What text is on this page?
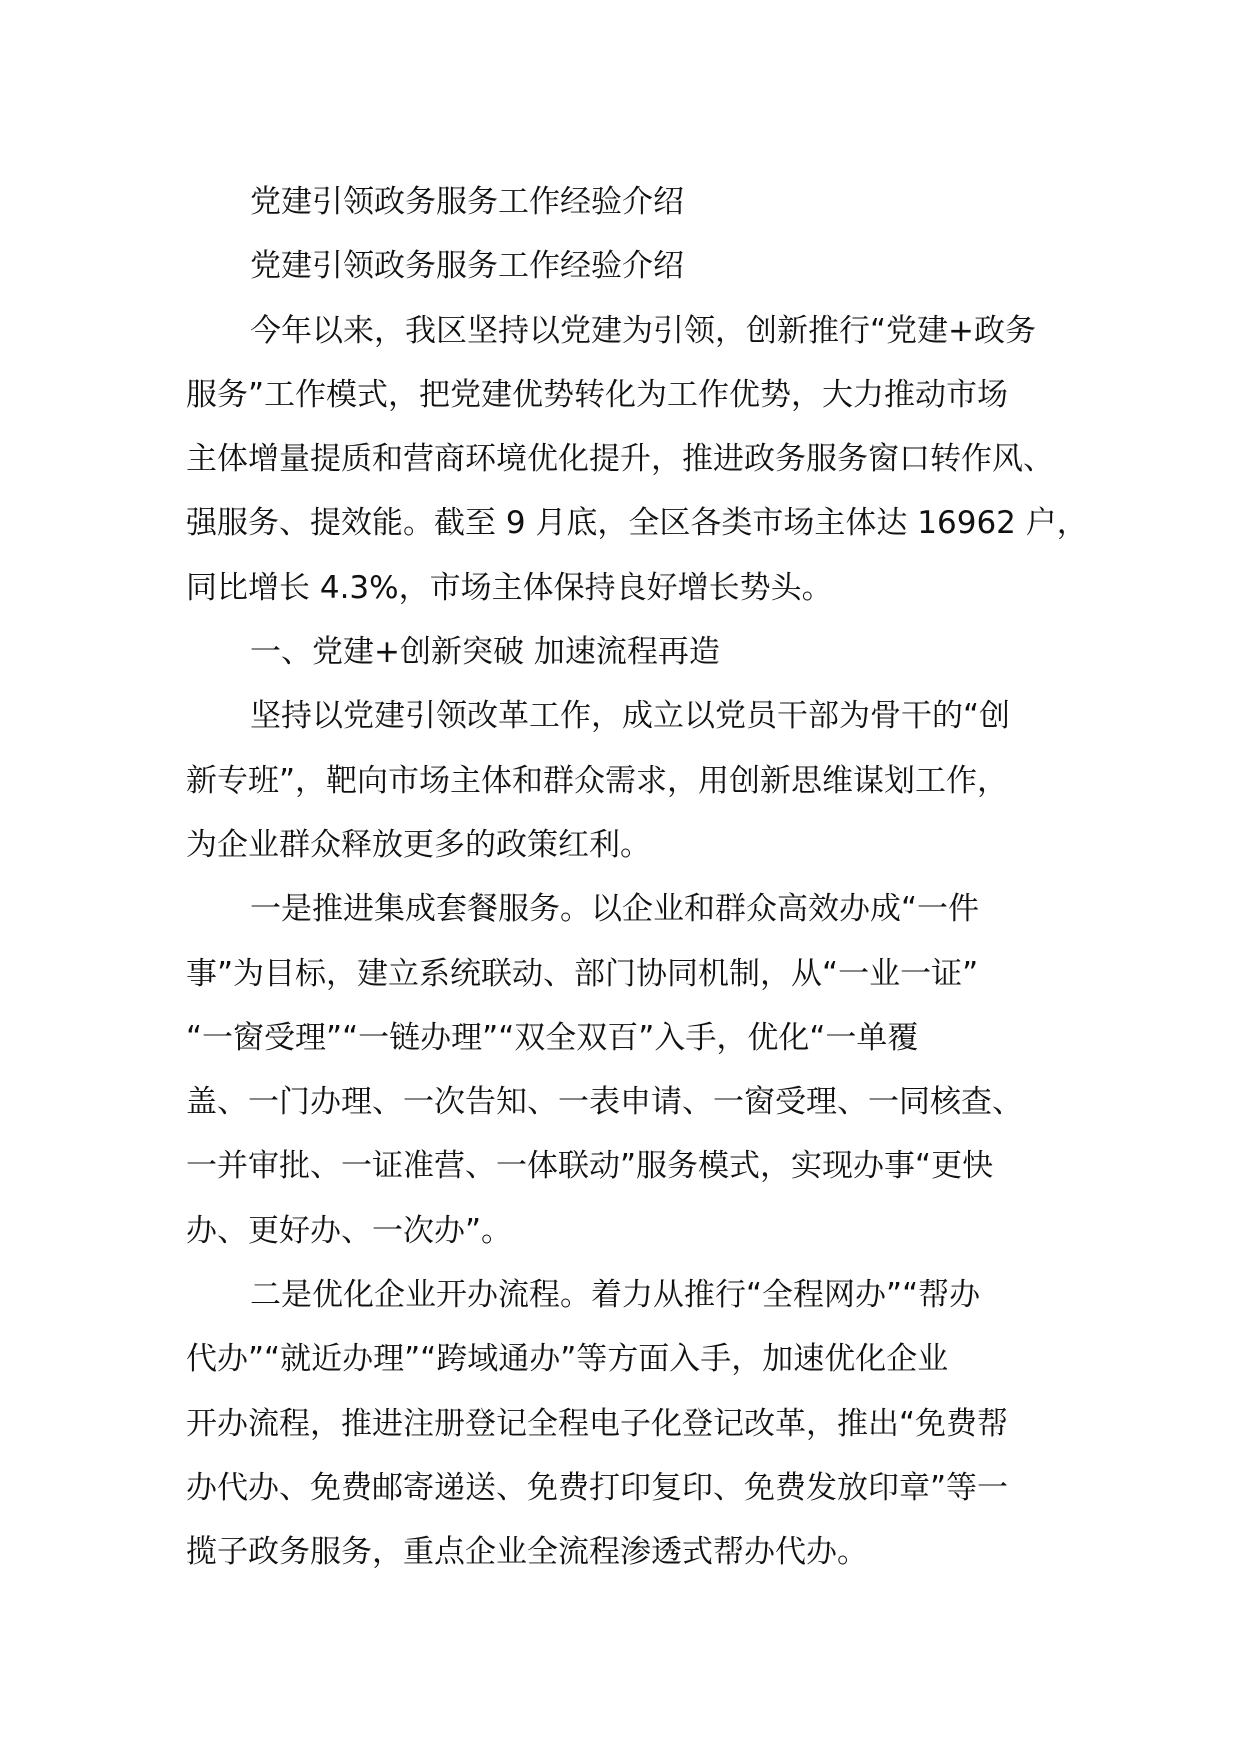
党建引领政务服务工作经验介绍
党建引领政务服务工作经验介绍
今年以来，我区坚持以党建为引领，创新推行“党建+政务
服务”工作模式，把党建优势转化为工作优势，大力推动市场
主体增量提质和营商环境优化提升，推进政务服务窗口转作风、
强服务、提效能。截至 9 月底，全区各类市场主体达 16962 户，
同比增长 4.3%，市场主体保持良好增长势头。
一、党建+创新突破 加速流程再造
坚持以党建引领改革工作，成立以党员干部为骨干的“创
新专班”，靶向市场主体和群众需求，用创新思维谋划工作，
为企业群众释放更多的政策红利。
一是推进集成套餐服务。以企业和群众高效办成“一件
事”为目标，建立系统联动、部门协同机制，从“一业一证”
“一窗受理”“一链办理”“双全双百”入手，优化“一单覆
盖、一门办理、一次告知、一表申请、一窗受理、一同核查、
一并审批、一证准营、一体联动”服务模式，实现办事“更快
办、更好办、一次办”。
二是优化企业开办流程。着力从推行“全程网办”“帮办
代办”“就近办理”“跨域通办”等方面入手，加速优化企业
开办流程，推进注册登记全程电子化登记改革，推出“免费帮
办代办、免费邮寄递送、免费打印复印、免费发放印章”等一
揽子政务服务，重点企业全流程渗透式帮办代办。
